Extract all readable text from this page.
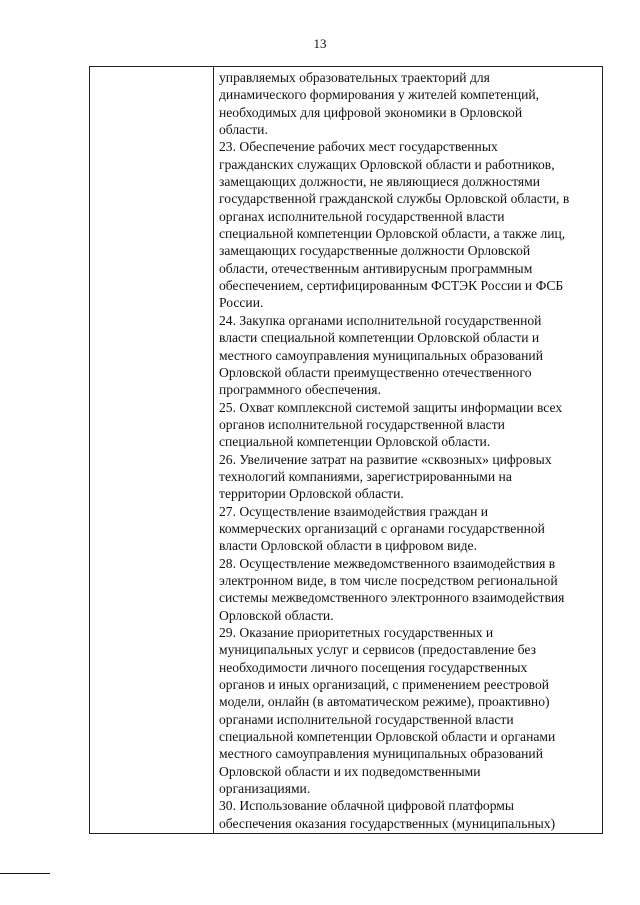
13

управляемых образовательных траекторий для
динамического формирования у жителей компетенций,
необходимых для цифровой экономики в Орловской
области.

23. Обеспечение рабочих мест государственных
гражданских служащих Орловской области и работников,
замещающих должности, не являющиеся должностями
государственной гражданской службы Орловской области, в
органах исполнительной государственной власти
специальной компетенции Орловской области, а также лиц,
замещающих государственные должности Орловской
области, отечественным антивирусным программным
обеспечением, сертифицированным ФСТЭК России и ФСБ
России.

24. Закупка органами исполнительной государственной
власти специальной компетенции Орловской области и
местного самоуправления муниципальных образований
Орловской области преимущественно отечественного
программного обеспечения.

25. Охват комплексной системой защиты информации всех
органов исполнительной государственной власти
специальной компетенции Орловской области.

26. Увеличение затрат на развитие «сквозных» цифровых
технологий компаниями, зарегистрированными на
территории Орловской области.

27. Осуществление взаимодействия граждан и
коммерческих организаций с органами государственной
власти Орловской области в цифровом виде.

28. Осуществление межведомственного взаимодействия в
электронном виде, в том числе посредством региональной
системы межведомственного электронного взаимодействия
Орловской области.

29. Оказание приоритетных государственных и
муниципальных услуг и сервисов (предоставление без
необходимости личного посещения государственных
органов и иных организаций, с применением реестровой
модели, онлайн (в автоматическом режиме), проактивно)
органами исполнительной государственной власти
специальной компетенции Орловской области и органами
местного самоуправления муниципальных образований
Орловской области и их подведомственными
организациями.

30. Использование облачной цифровой платформы
обеспечения оказания государственных (муниципальных)
